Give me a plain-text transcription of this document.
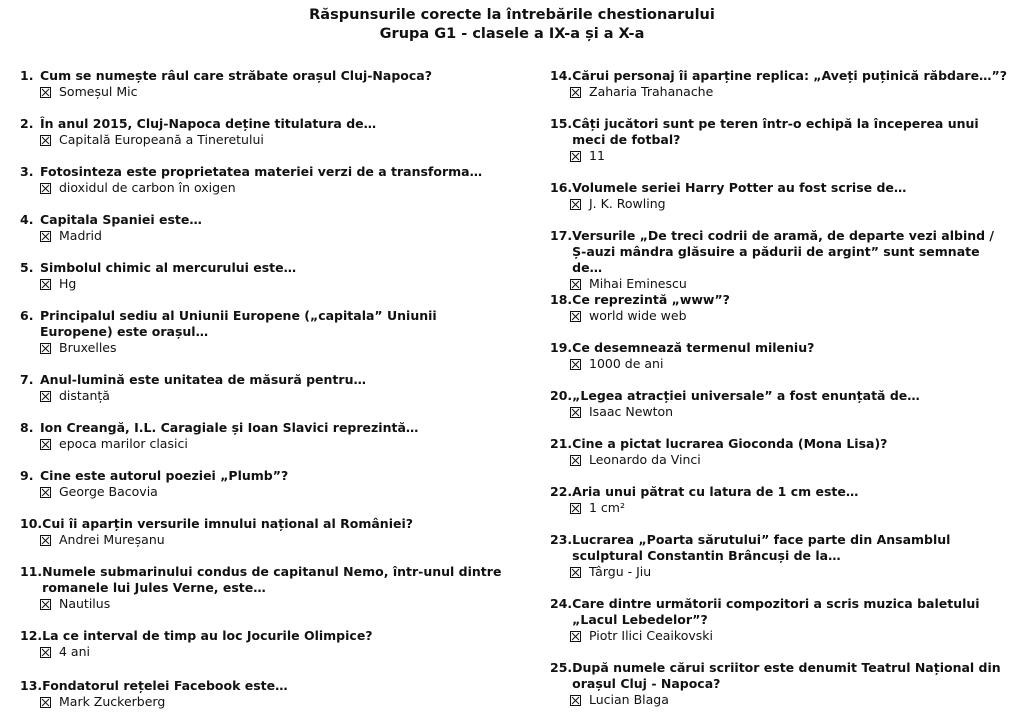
Răspunsurile corecte la întrebările chestionarului
Grupa G1 - clasele a IX-a și a X-a
1. Cum se numește râul care străbate orașul Cluj-Napoca?
Someșul Mic
2. În anul 2015, Cluj-Napoca deține titulatura de…
Capitală Europeană a Tineretului
3. Fotosinteza este proprietatea materiei verzi de a transforma…
dioxidul de carbon în oxigen
4. Capitala Spaniei este…
Madrid
5. Simbolul chimic al mercurului este…
Hg
6. Principalul sediu al Uniunii Europene („capitala” Uniunii Europene) este orașul…
Bruxelles
7. Anul-lumină este unitatea de măsură pentru…
distanță
8. Ion Creangă, I.L. Caragiale și Ioan Slavici reprezintă…
epoca marilor clasici
9. Cine este autorul poeziei „Plumb”?
George Bacovia
10. Cui îi aparțin versurile imnului național al României?
Andrei Mureșanu
11. Numele submarinului condus de capitanul Nemo, într-unul dintre romanele lui Jules Verne, este…
Nautilus
12. La ce interval de timp au loc Jocurile Olimpice?
4 ani
13. Fondatorul rețelei Facebook este…
Mark Zuckerberg
14. Cărui personaj îi aparține replica: „Aveți puținică răbdare…”?
Zaharia Trahanache
15. Câți jucători sunt pe teren într-o echipă la începerea unui meci de fotbal?
11
16. Volumele seriei Harry Potter au fost scrise de…
J. K. Rowling
17. Versurile „De treci codrii de aramă, de departe vezi albind / Ș-auzi mândra glăsuire a pădurii de argint” sunt semnate de…
Mihai Eminescu
18. Ce reprezintă „www”?
world wide web
19. Ce desemnează termenul mileniu?
1000 de ani
20. „Legea atracției universale” a fost enunțată de…
Isaac Newton
21. Cine a pictat lucrarea Gioconda (Mona Lisa)?
Leonardo da Vinci
22. Aria unui pătrat cu latura de 1 cm este…
1 cm²
23. Lucrarea „Poarta sărutului” face parte din Ansamblul sculptural Constantin Brâncuși de la…
Târgu - Jiu
24. Care dintre următorii compozitori a scris muzica baletului „Lacul Lebedelor”?
Piotr Ilici Ceaikovski
25. După numele cărui scriitor este denumit Teatrul Național din orașul Cluj - Napoca?
Lucian Blaga
